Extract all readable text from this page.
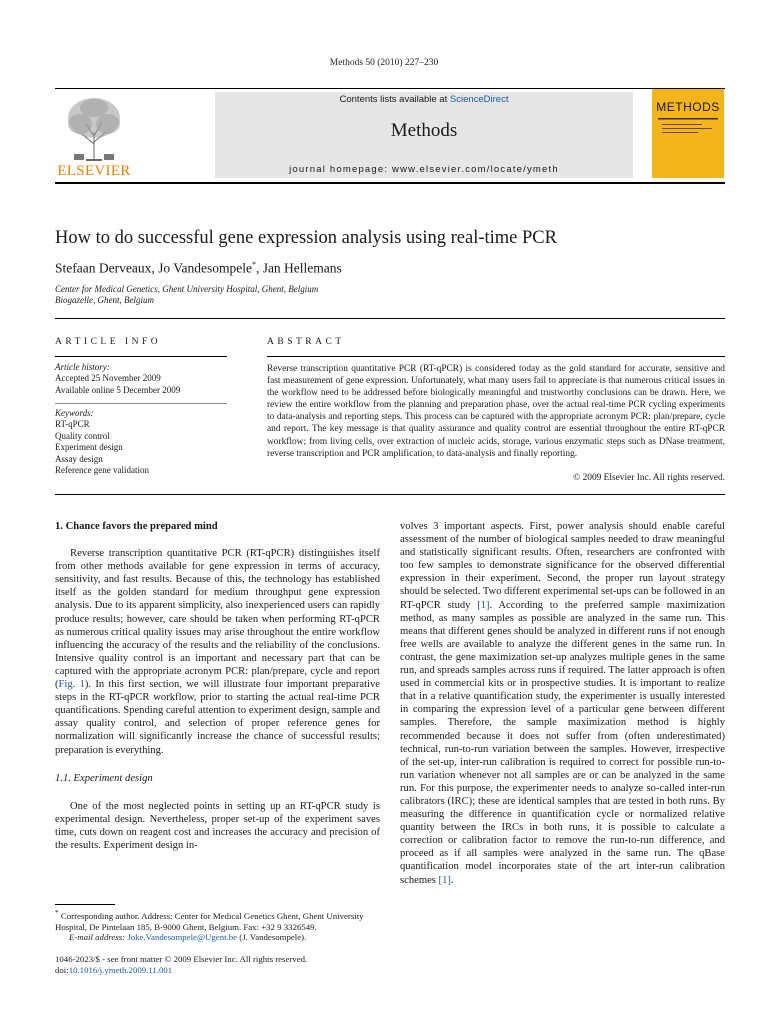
Methods 50 (2010) 227–230
Contents lists available at ScienceDirect
Methods
journal homepage: www.elsevier.com/locate/ymeth
ELSEVIER
METHODS
How to do successful gene expression analysis using real-time PCR
Stefaan Derveaux, Jo Vandesompele*, Jan Hellemans
Center for Medical Genetics, Ghent University Hospital, Ghent, Belgium
Biogazelle, Ghent, Belgium
ARTICLE INFO
Article history:
Accepted 25 November 2009
Available online 5 December 2009
Keywords:
RT-qPCR
Quality control
Experiment design
Assay design
Reference gene validation
ABSTRACT
Reverse transcription quantitative PCR (RT-qPCR) is considered today as the gold standard for accurate, sensitive and fast measurement of gene expression. Unfortunately, what many users fail to appreciate is that numerous critical issues in the workflow need to be addressed before biologically meaningful and trustworthy conclusions can be drawn. Here, we review the entire workflow from the planning and preparation phase, over the actual real-time PCR cycling experiments to data-analysis and reporting steps. This process can be captured with the appropriate acronym PCR: plan/prepare, cycle and report. The key message is that quality assurance and quality control are essential throughout the entire RT-qPCR workflow; from living cells, over extraction of nucleic acids, storage, various enzymatic steps such as DNase treatment, reverse transcription and PCR amplification, to data-analysis and finally reporting.
© 2009 Elsevier Inc. All rights reserved.

1. Chance favors the prepared mind

Reverse transcription quantitative PCR (RT-qPCR) distinguishes itself from other methods available for gene expression in terms of accuracy, sensitivity, and fast results. Because of this, the technology has established itself as the golden standard for medium throughput gene expression analysis. Due to its apparent simplicity, also inexperienced users can rapidly produce results; however, care should be taken when performing RT-qPCR as numerous critical quality issues may arise throughout the entire workflow influencing the accuracy of the results and the reliability of the conclusions. Intensive quality control is an important and necessary part that can be captured with the appropriate acronym PCR: plan/prepare, cycle and report (Fig. 1). In this first section, we will illustrate four important preparative steps in the RT-qPCR workflow, prior to starting the actual real-time PCR quantifications. Spending careful attention to experiment design, sample and assay quality control, and selection of proper reference genes for normalization will significantly increase the chance of successful results; preparation is everything.

1.1. Experiment design

One of the most neglected points in setting up an RT-qPCR study is experimental design. Nevertheless, proper set-up of the experiment saves time, cuts down on reagent cost and increases the accuracy and precision of the results. Experiment design in-

volves 3 important aspects. First, power analysis should enable careful assessment of the number of biological samples needed to draw meaningful and statistically significant results. Often, researchers are confronted with too few samples to demonstrate significance for the observed differential expression in their experiment. Second, the proper run layout strategy should be selected. Two different experimental set-ups can be followed in an RT-qPCR study [1]. According to the preferred sample maximization method, as many samples as possible are analyzed in the same run. This means that different genes should be analyzed in different runs if not enough free wells are available to analyze the different genes in the same run. In contrast, the gene maximization set-up analyzes multiple genes in the same run, and spreads samples across runs if required. The latter approach is often used in commercial kits or in prospective studies. It is important to realize that in a relative quantification study, the experimenter is usually interested in comparing the expression level of a particular gene between different samples. Therefore, the sample maximization method is highly recommended because it does not suffer from (often underestimated) technical, run-to-run variation between the samples. However, irrespective of the set-up, inter-run calibration is required to correct for possible run-to-run variation whenever not all samples are or can be analyzed in the same run. For this purpose, the experimenter needs to analyze so-called inter-run calibrators (IRC); these are identical samples that are tested in both runs. By measuring the difference in quantification cycle or normalized relative quantity between the IRCs in both runs, it is possible to calculate a correction or calibration factor to remove the run-to-run difference, and proceed as if all samples were analyzed in the same run. The qBase quantification model incorporates state of the art inter-run calibration schemes [1].

* Corresponding author. Address: Center for Medical Genetics Ghent, Ghent University Hospital, De Pintelaan 185, B-9000 Ghent, Belgium. Fax: +32 9 3326549.
E-mail address: Joke.Vandesompele@Ugent.be (J. Vandesompele).
1046-2023/$ - see front matter © 2009 Elsevier Inc. All rights reserved.
doi:10.1016/j.ymeth.2009.11.001
